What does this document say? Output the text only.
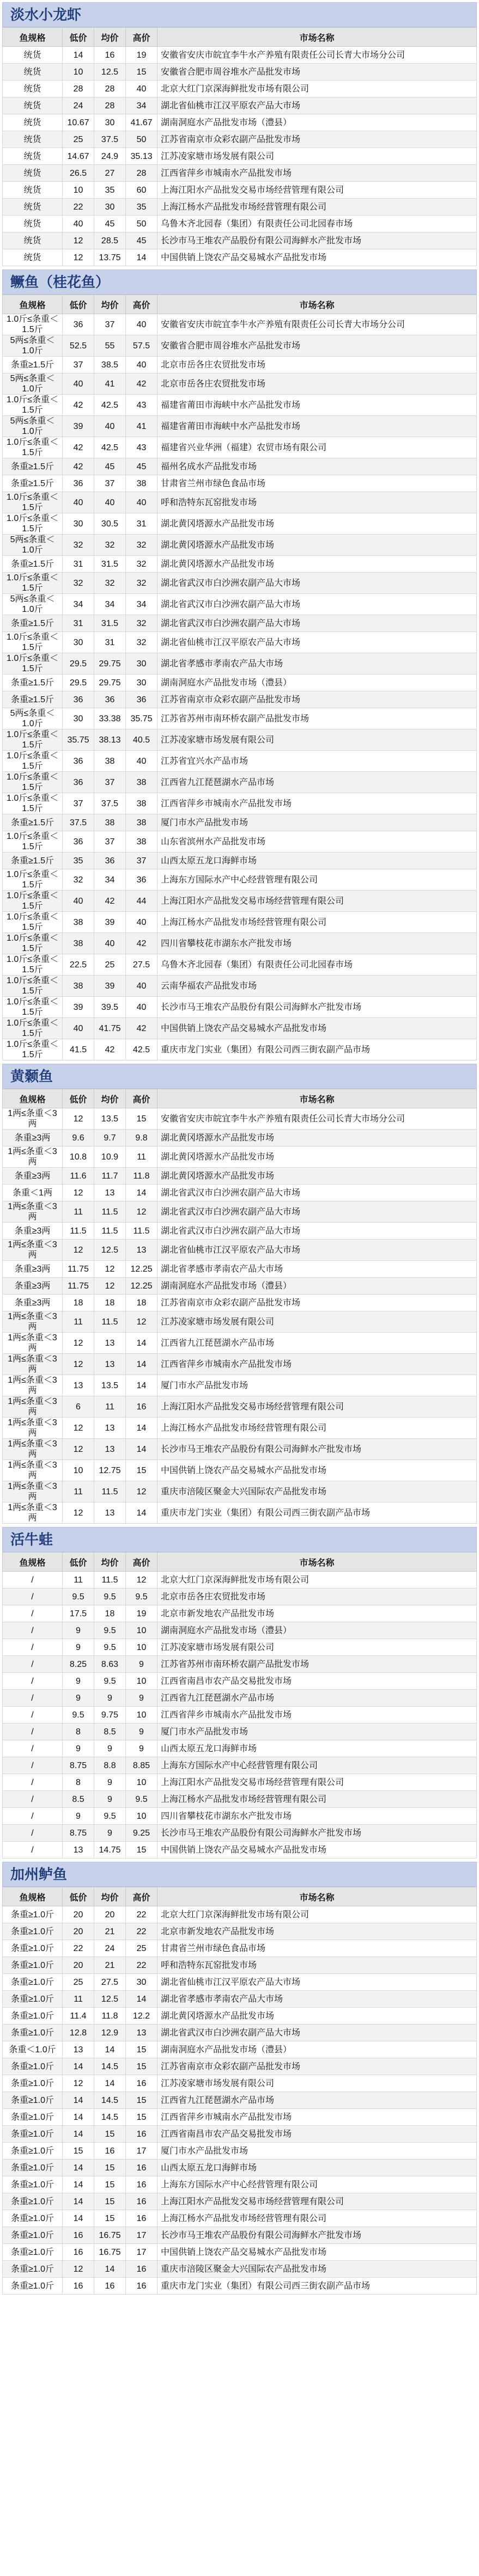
淡水小龙虾
鱼规格	低价	均价	高价	市场名称
统货	14	16	19	安徽省安庆市皖宜李牛水产养殖有限责任公司长青大市场分公司
统货	10	12.5	15	安徽省合肥市周谷堆水产品批发市场
统货	28	28	40	北京大红门京深海鲜批发市场有限公司
统货	24	28	34	湖北省仙桃市江汉平原农产品大市场
统货	10.67	30	41.67	湖南洞庭水产品批发市场（澧县）
统货	25	37.5	50	江苏省南京市众彩农副产品批发市场
统货	14.67	24.9	35.13	江苏凌家塘市场发展有限公司
统货	26.5	27	28	江西省萍乡市城南水产品批发市场
统货	10	35	60	上海江阳水产品批发交易市场经营管理有限公司
统货	22	30	35	上海江杨水产品批发市场经营管理有限公司
统货	40	45	50	乌鲁木齐北园春（集团）有限责任公司北园春市场
统货	12	28.5	45	长沙市马王堆农产品股份有限公司海鲜水产批发市场
统货	12	13.75	14	中国供销上饶农产品交易城水产品批发市场
鳜鱼（桂花鱼）
鱼规格	低价	均价	高价	市场名称
1.0斤≤条重＜1.5斤	36	37	40	安徽省安庆市皖宜李牛水产养殖有限责任公司长青大市场分公司
5两≤条重＜1.0斤	52.5	55	57.5	安徽省合肥市周谷堆水产品批发市场
条重≥1.5斤	37	38.5	40	北京市岳各庄农贸批发市场
5两≤条重＜1.0斤	40	41	42	北京市岳各庄农贸批发市场
1.0斤≤条重＜1.5斤	42	42.5	43	福建省莆田市海峡中水产品批发市场
5两≤条重＜1.0斤	39	40	41	福建省莆田市海峡中水产品批发市场
1.0斤≤条重＜1.5斤	42	42.5	43	福建省兴业华洲（福建）农贸市场有限公司
条重≥1.5斤	42	45	45	福州名成水产品批发市场
条重≥1.5斤	36	37	38	甘肃省兰州市绿色食品市场
1.0斤≤条重＜1.5斤	40	40	40	呼和浩特东瓦窑批发市场
1.0斤≤条重＜1.5斤	30	30.5	31	湖北黄冈塔源水产品批发市场
5两≤条重＜1.0斤	32	32	32	湖北黄冈塔源水产品批发市场
条重≥1.5斤	31	31.5	32	湖北黄冈塔源水产品批发市场
1.0斤≤条重＜1.5斤	32	32	32	湖北省武汉市白沙洲农副产品大市场
5两≤条重＜1.0斤	34	34	34	湖北省武汉市白沙洲农副产品大市场
条重≥1.5斤	31	31.5	32	湖北省武汉市白沙洲农副产品大市场
1.0斤≤条重＜1.5斤	30	31	32	湖北省仙桃市江汉平原农产品大市场
1.0斤≤条重＜1.5斤	29.5	29.75	30	湖北省孝感市孝南农产品大市场
条重≥1.5斤	29.5	29.75	30	湖南洞庭水产品批发市场（澧县）
条重≥1.5斤	36	36	36	江苏省南京市众彩农副产品批发市场
5两≤条重＜1.0斤	30	33.38	35.75	江苏省苏州市南环桥农副产品批发市场
1.0斤≤条重＜1.5斤	35.75	38.13	40.5	江苏凌家塘市场发展有限公司
1.0斤≤条重＜1.5斤	36	38	40	江苏省宜兴水产品市场
1.0斤≤条重＜1.5斤	36	37	38	江西省九江琵琶湖水产品市场
1.0斤≤条重＜1.5斤	37	37.5	38	江西省萍乡市城南水产品批发市场
条重≥1.5斤	37.5	38	38	厦门市水产品批发市场
1.0斤≤条重＜1.5斤	36	37	38	山东省滨州水产品批发市场
条重≥1.5斤	35	36	37	山西太原五龙口海鲜市场
1.0斤≤条重＜1.5斤	32	34	36	上海东方国际水产中心经营管理有限公司
1.0斤≤条重＜1.5斤	40	42	44	上海江阳水产品批发交易市场经营管理有限公司
1.0斤≤条重＜1.5斤	38	39	40	上海江杨水产品批发市场经营管理有限公司
1.0斤≤条重＜1.5斤	38	40	42	四川省攀枝花市湖东水产批发市场
1.0斤≤条重＜1.5斤	22.5	25	27.5	乌鲁木齐北园春（集团）有限责任公司北园春市场
1.0斤≤条重＜1.5斤	38	39	40	云南华福农产品批发市场
1.0斤≤条重＜1.5斤	39	39.5	40	长沙市马王堆农产品股份有限公司海鲜水产批发市场
1.0斤≤条重＜1.5斤	40	41.75	42	中国供销上饶农产品交易城水产品批发市场
1.0斤≤条重＜1.5斤	41.5	42	42.5	重庆市龙门实业（集团）有限公司西三街农副产品市场
黄颡鱼
鱼规格	低价	均价	高价	市场名称
1两≤条重＜3两	12	13.5	15	安徽省安庆市皖宜李牛水产养殖有限责任公司长青大市场分公司
条重≥3两	9.6	9.7	9.8	湖北黄冈塔源水产品批发市场
1两≤条重＜3两	10.8	10.9	11	湖北黄冈塔源水产品批发市场
条重≥3两	11.6	11.7	11.8	湖北黄冈塔源水产品批发市场
条重＜1两	12	13	14	湖北省武汉市白沙洲农副产品大市场
1两≤条重＜3两	11	11.5	12	湖北省武汉市白沙洲农副产品大市场
条重≥3两	11.5	11.5	11.5	湖北省武汉市白沙洲农副产品大市场
1两≤条重＜3两	12	12.5	13	湖北省仙桃市江汉平原农产品大市场
条重≥3两	11.75	12	12.25	湖北省孝感市孝南农产品大市场
条重≥3两	11.75	12	12.25	湖南洞庭水产品批发市场（澧县）
条重≥3两	18	18	18	江苏省南京市众彩农副产品批发市场
1两≤条重＜3两	11	11.5	12	江苏凌家塘市场发展有限公司
1两≤条重＜3两	12	13	14	江西省九江琵琶湖水产品市场
1两≤条重＜3两	12	13	14	江西省萍乡市城南水产品批发市场
1两≤条重＜3两	13	13.5	14	厦门市水产品批发市场
1两≤条重＜3两	6	11	16	上海江阳水产品批发交易市场经营管理有限公司
1两≤条重＜3两	12	13	14	上海江杨水产品批发市场经营管理有限公司
1两≤条重＜3两	12	13	14	长沙市马王堆农产品股份有限公司海鲜水产批发市场
1两≤条重＜3两	10	12.75	15	中国供销上饶农产品交易城水产品批发市场
1两≤条重＜3两	11	11.5	12	重庆市涪陵区聚金大兴国际农产品批发市场
1两≤条重＜3两	12	13	14	重庆市龙门实业（集团）有限公司西三街农副产品市场
活牛蛙
鱼规格	低价	均价	高价	市场名称
/	11	11.5	12	北京大红门京深海鲜批发市场有限公司
/	9.5	9.5	9.5	北京市岳各庄农贸批发市场
/	17.5	18	19	北京市新发地农产品批发市场
/	9	9.5	10	湖南洞庭水产品批发市场（澧县）
/	9	9.5	10	江苏凌家塘市场发展有限公司
/	8.25	8.63	9	江苏省苏州市南环桥农副产品批发市场
/	9	9.5	10	江西省南昌市农产品交易批发市场
/	9	9	9	江西省九江琵琶湖水产品市场
/	9.5	9.75	10	江西省萍乡市城南水产品批发市场
/	8	8.5	9	厦门市水产品批发市场
/	9	9	9	山西太原五龙口海鲜市场
/	8.75	8.8	8.85	上海东方国际水产中心经营管理有限公司
/	8	9	10	上海江阳水产品批发交易市场经营管理有限公司
/	8.5	9	9.5	上海江杨水产品批发市场经营管理有限公司
/	9	9.5	10	四川省攀枝花市湖东水产批发市场
/	8.75	9	9.25	长沙市马王堆农产品股份有限公司海鲜水产批发市场
/	13	14.75	15	中国供销上饶农产品交易城水产品批发市场
加州鲈鱼
鱼规格	低价	均价	高价	市场名称
条重≥1.0斤	20	20	22	北京大红门京深海鲜批发市场有限公司
条重≥1.0斤	20	21	22	北京市新发地农产品批发市场
条重≥1.0斤	22	24	25	甘肃省兰州市绿色食品市场
条重≥1.0斤	20	21	22	呼和浩特东瓦窑批发市场
条重≥1.0斤	25	27.5	30	湖北省仙桃市江汉平原农产品大市场
条重≥1.0斤	11	12.5	14	湖北省孝感市孝南农产品大市场
条重≥1.0斤	11.4	11.8	12.2	湖北黄冈塔源水产品批发市场
条重≥1.0斤	12.8	12.9	13	湖北省武汉市白沙洲农副产品大市场
条重＜1.0斤	13	14	15	湖南洞庭水产品批发市场（澧县）
条重≥1.0斤	14	14.5	15	江苏省南京市众彩农副产品批发市场
条重≥1.0斤	12	14	16	江苏凌家塘市场发展有限公司
条重≥1.0斤	14	14.5	15	江西省九江琵琶湖水产品市场
条重≥1.0斤	14	14.5	15	江西省萍乡市城南水产品批发市场
条重≥1.0斤	14	15	16	江西省南昌市农产品交易批发市场
条重≥1.0斤	15	16	17	厦门市水产品批发市场
条重≥1.0斤	14	15	16	山西太原五龙口海鲜市场
条重≥1.0斤	14	15	16	上海东方国际水产中心经营管理有限公司
条重≥1.0斤	14	15	16	上海江阳水产品批发交易市场经营管理有限公司
条重≥1.0斤	14	15	16	上海江杨水产品批发市场经营管理有限公司
条重≥1.0斤	16	16.75	17	长沙市马王堆农产品股份有限公司海鲜水产批发市场
条重≥1.0斤	16	16.75	17	中国供销上饶农产品交易城水产品批发市场
条重≥1.0斤	12	14	16	重庆市涪陵区聚金大兴国际农产品批发市场
条重≥1.0斤	16	16	16	重庆市龙门实业（集团）有限公司西三街农副产品市场
